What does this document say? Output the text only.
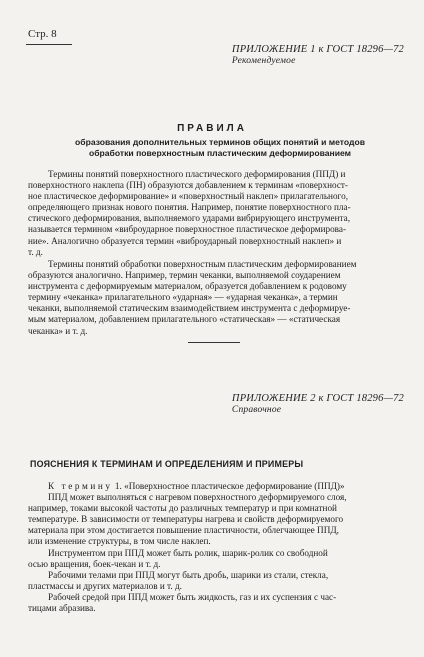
Стр. 8
ПРИЛОЖЕНИЕ 1 к ГОСТ 18296—72
Рекомендуемое
ПРАВИЛА
образования дополнительных терминов общих понятий и методов
обработки поверхностным пластическим деформированием
Термины понятий поверхностного пластического деформирования (ППД) и
поверхностного наклепа (ПН) образуются добавлением к терминам «поверхност-
ное пластическое деформирование» и «поверхностный наклеп» прилагательного,
определяющего признак нового понятия. Например, понятие поверхностного пла-
стического деформирования, выполняемого ударами вибрирующего инструмента,
называется термином «виброударное поверхностное пластическое деформирова-
ние». Аналогично образуется термин «виброударный поверхностный наклеп» и
т. д.
Термины понятий обработки поверхностным пластическим деформированием
образуются аналогично. Например, термин чеканки, выполняемой соударением
инструмента с деформируемым материалом, образуется добавлением к родовому
термину «чеканка» прилагательного «ударная» — «ударная чеканка», а термин
чеканки, выполняемой статическим взаимодействием инструмента с деформируе-
мым материалом, добавлением прилагательного «статическая» — «статическая
чеканка» и т. д.
ПРИЛОЖЕНИЕ 2 к ГОСТ 18296—72
Справочное
ПОЯСНЕНИЯ К ТЕРМИНАМ И ОПРЕДЕЛЕНИЯМ И ПРИМЕРЫ
К термину 1. «Поверхностное пластическое деформирование (ППД)»
ППД может выполняться с нагревом поверхностного деформируемого слоя,
например, токами высокой частоты до различных температур и при комнатной
температуре. В зависимости от температуры нагрева и свойств деформируемого
материала при этом достигается повышение пластичности, облегчающее ППД,
или изменение структуры, в том числе наклеп.
Инструментом при ППД может быть ролик, шарик-ролик со свободной
осью вращения, боек-чекан и т. д.
Рабочими телами при ППД могут быть дробь, шарики из стали, стекла,
пластмассы и других материалов и т. д.
Рабочей средой при ППД может быть жидкость, газ и их суспензия с час-
тицами абразива.
